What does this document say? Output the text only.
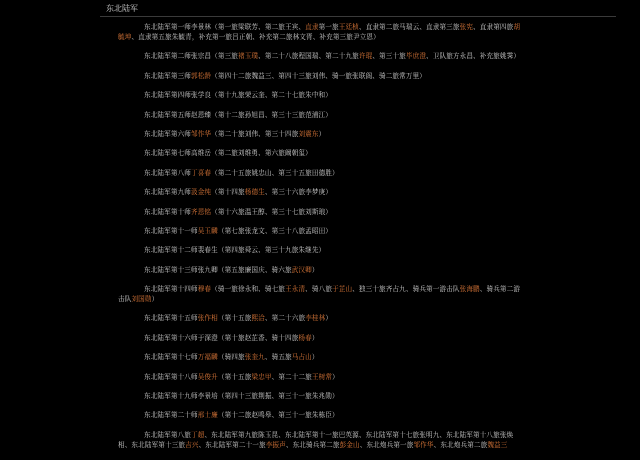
东北陆军

东北陆军第一师李景林（第一旅梁联芳、第二旅王宾、直隶第一旅王廷桢、直隶第二旅马瑞云、直隶第三旅张宪、直隶第四旅胡毓坤、直隶第五旅朱毓青，补充第一旅吕正朝、补充第二旅林文胥、补充第三旅尹立恩）

东北陆军第二师张宗昌（第三旅褚玉璞、第二十八旅程国瑞、第二十九旅许琨、第三十旅毕庶澄、卫队旅方永昌、补充旅姚霁）

东北陆军第三师郭松龄（第四十二旅魏益三、第四十三旅刘伟、骑一旅张联阁、骑二旅常万里）

东北陆军第四师张学良（第十九旅荣云奎、第二十七旅朱中和）

东北陆军第五师赵恩臻（第十二旅孙旭昌、第三十三旅范浦江）

东北陆军第六师邹作华（第二十旅刘伟、第三十四旅刘震东）

东北陆军第七师高维岳（第二旅刘维勇、第六旅阚朝玺）

东北陆军第八师丁喜春（第二十五旅姚忠山、第三十五旅田德胜）

东北陆军第九师汲金纯（第十四旅杨德生、第三十六旅李梦庚）

东北陆军第十师齐恩铭（第十六旅温王醇、第三十七旅刘斯琅）

东北陆军第十一师吴玉麟（第七旅张龙文、第三十八旅孟昭田）

东北陆军第十二师裴春生（第四旅舜云、第三十九旅朱继先）

东北陆军第十三师张九卿（第五旅廉国庆、骑六旅武汉卿）

东北陆军第十四师穆春（骑一旅徐永和、骑七旅王永清、骑八旅于芷山、独三十旅齐占九、骑兵第一游击队张海鹏、骑兵第二游击队刘国勋）

东北陆军第十五师张作相（第十五旅熙洽、第二十六旅李桂林）

东北陆军第十六师于深澄（第十旅赵芷香、骑十四旅杨春）

东北陆军第十七师万福麟（骑四旅张奎九、骑五旅马占山）

东北陆军第十八师吴俊升（第十五旅梁忠甲、第二十二旅王树常）

东北陆军第十九师李景培（第四十三旅荆振、第三十一旅朱兆勋）

东北陆军第二十师邢士廉（第十二旅赵鸣皋、第三十一旅朱栋臣）

东北陆军第八旅丁超、东北陆军第九旅陈玉昆、东北陆军第十一旅巴英源、东北陆军第十七旅张明九、东北陆军第十八旅张焕相、东北陆军第十三旅吉兴、东北陆军第二十一旅李振声、东北骑兵第二旅彭金山、东北炮兵第一旅邹作华、东北炮兵第二旅魏益三
